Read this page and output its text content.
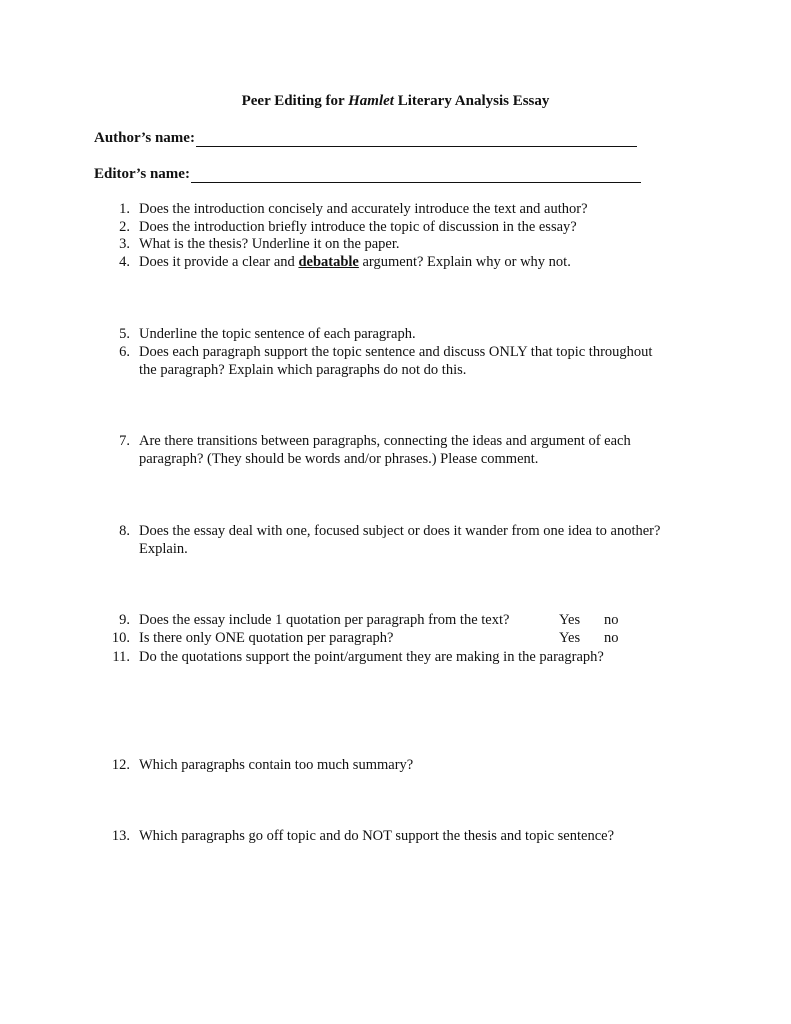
Peer Editing for Hamlet Literary Analysis Essay
Author’s name:
Editor’s name:
1. Does the introduction concisely and accurately introduce the text and author?
2. Does the introduction briefly introduce the topic of discussion in the essay?
3. What is the thesis? Underline it on the paper.
4. Does it provide a clear and debatable argument? Explain why or why not.
5. Underline the topic sentence of each paragraph.
6. Does each paragraph support the topic sentence and discuss ONLY that topic throughout
the paragraph? Explain which paragraphs do not do this.
7. Are there transitions between paragraphs, connecting the ideas and argument of each
paragraph? (They should be words and/or phrases.) Please comment.
8. Does the essay deal with one, focused subject or does it wander from one idea to another?
Explain.
9. Does the essay include 1 quotation per paragraph from the text?	Yes no
10. Is there only ONE quotation per paragraph?	Yes no
11. Do the quotations support the point/argument they are making in the paragraph?
12. Which paragraphs contain too much summary?
13. Which paragraphs go off topic and do NOT support the thesis and topic sentence?
